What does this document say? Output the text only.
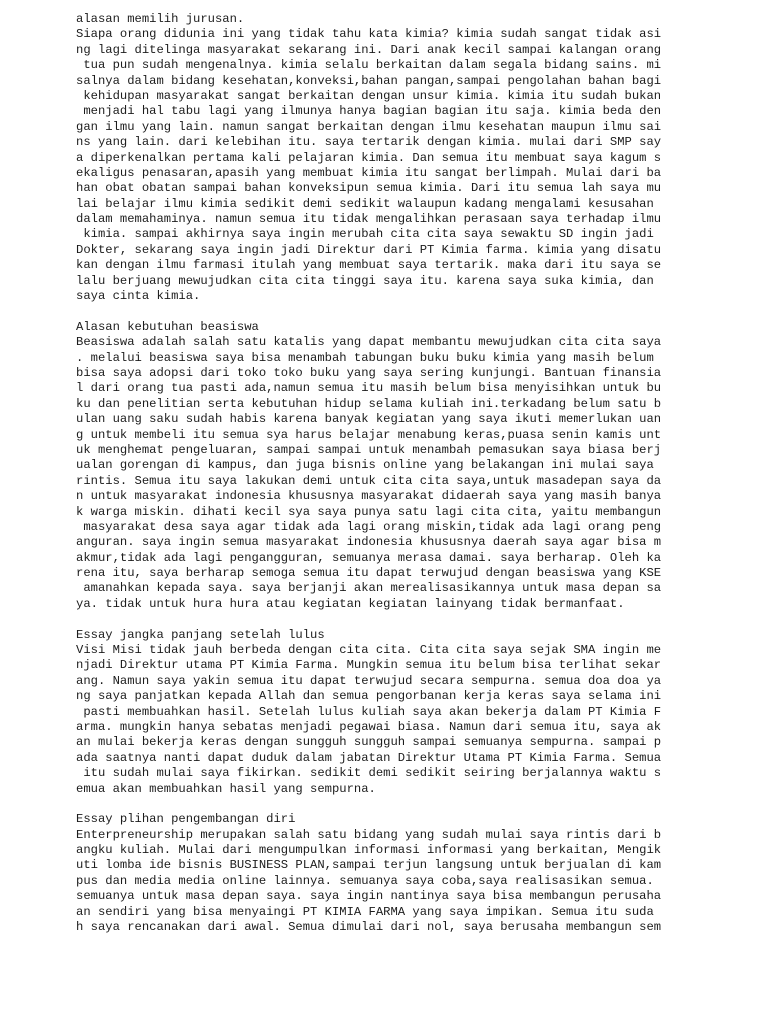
alasan memilih jurusan.
Siapa orang didunia ini yang tidak tahu kata kimia? kimia sudah sangat tidak asi
ng lagi ditelinga masyarakat sekarang ini. Dari anak kecil sampai kalangan orang
tua pun sudah mengenalnya. kimia selalu berkaitan dalam segala bidang sains. mi
salnya dalam bidang kesehatan,konveksi,bahan pangan,sampai pengolahan bahan bagi
kehidupan masyarakat sangat berkaitan dengan unsur kimia. kimia itu sudah bukan
menjadi hal tabu lagi yang ilmunya hanya bagian bagian itu saja. kimia beda den
gan ilmu yang lain. namun sangat berkaitan dengan ilmu kesehatan maupun ilmu sai
ns yang lain. dari kelebihan itu. saya tertarik dengan kimia. mulai dari SMP say
a diperkenalkan pertama kali pelajaran kimia. Dan semua itu membuat saya kagum s
ekaligus penasaran,apasih yang membuat kimia itu sangat berlimpah. Mulai dari ba
han obat obatan sampai bahan konveksipun semua kimia. Dari itu semua lah saya mu
lai belajar ilmu kimia sedikit demi sedikit walaupun kadang mengalami kesusahan
dalam memahaminya. namun semua itu tidak mengalihkan perasaan saya terhadap ilmu
kimia. sampai akhirnya saya ingin merubah cita cita saya sewaktu SD ingin jadi
Dokter, sekarang saya ingin jadi Direktur dari PT Kimia farma. kimia yang disatu
kan dengan ilmu farmasi itulah yang membuat saya tertarik. maka dari itu saya se
lalu berjuang mewujudkan cita cita tinggi saya itu. karena saya suka kimia, dan
saya cinta kimia.
Alasan kebutuhan beasiswa
Beasiswa adalah salah satu katalis yang dapat membantu mewujudkan cita cita saya
. melalui beasiswa saya bisa menambah tabungan buku buku kimia yang masih belum
bisa saya adopsi dari toko toko buku yang saya sering kunjungi. Bantuan finansia
l dari orang tua pasti ada,namun semua itu masih belum bisa menyisihkan untuk bu
ku dan penelitian serta kebutuhan hidup selama kuliah ini.terkadang belum satu b
ulan uang saku sudah habis karena banyak kegiatan yang saya ikuti memerlukan uan
g untuk membeli itu semua sya harus belajar menabung keras,puasa senin kamis unt
uk menghemat pengeluaran, sampai sampai untuk menambah pemasukan saya biasa berj
ualan gorengan di kampus, dan juga bisnis online yang belakangan ini mulai saya
rintis. Semua itu saya lakukan demi untuk cita cita saya,untuk masadepan saya da
n untuk masyarakat indonesia khususnya masyarakat didaerah saya yang masih banya
k warga miskin. dihati kecil sya saya punya satu lagi cita cita, yaitu membangun
masyarakat desa saya agar tidak ada lagi orang miskin,tidak ada lagi orang peng
anguran. saya ingin semua masyarakat indonesia khususnya daerah saya agar bisa m
akmur,tidak ada lagi pengangguran, semuanya merasa damai. saya berharap. Oleh ka
rena itu, saya berharap semoga semua itu dapat terwujud dengan beasiswa yang KSE
amanahkan kepada saya. saya berjanji akan merealisasikannya untuk masa depan sa
ya. tidak untuk hura hura atau kegiatan kegiatan lainyang tidak bermanfaat.
Essay jangka panjang setelah lulus
Visi Misi tidak jauh berbeda dengan cita cita. Cita cita saya sejak SMA ingin me
njadi Direktur utama PT Kimia Farma. Mungkin semua itu belum bisa terlihat sekar
ang. Namun saya yakin semua itu dapat terwujud secara sempurna. semua doa doa ya
ng saya panjatkan kepada Allah dan semua pengorbanan kerja keras saya selama ini
pasti membuahkan hasil. Setelah lulus kuliah saya akan bekerja dalam PT Kimia F
arma. mungkin hanya sebatas menjadi pegawai biasa. Namun dari semua itu, saya ak
an mulai bekerja keras dengan sungguh sungguh sampai semuanya sempurna. sampai p
ada saatnya nanti dapat duduk dalam jabatan Direktur Utama PT Kimia Farma. Semua
itu sudah mulai saya fikirkan. sedikit demi sedikit seiring berjalannya waktu s
emua akan membuahkan hasil yang sempurna.
Essay plihan pengembangan diri
Enterpreneurship merupakan salah satu bidang yang sudah mulai saya rintis dari b
angku kuliah. Mulai dari mengumpulkan informasi informasi yang berkaitan, Mengik
uti lomba ide bisnis BUSINESS PLAN,sampai terjun langsung untuk berjualan di kam
pus dan media media online lainnya. semuanya saya coba,saya realisasikan semua.
semuanya untuk masa depan saya. saya ingin nantinya saya bisa membangun perusaha
an sendiri yang bisa menyaingi PT KIMIA FARMA yang saya impikan. Semua itu suda
h saya rencanakan dari awal. Semua dimulai dari nol, saya berusaha membangun sem
